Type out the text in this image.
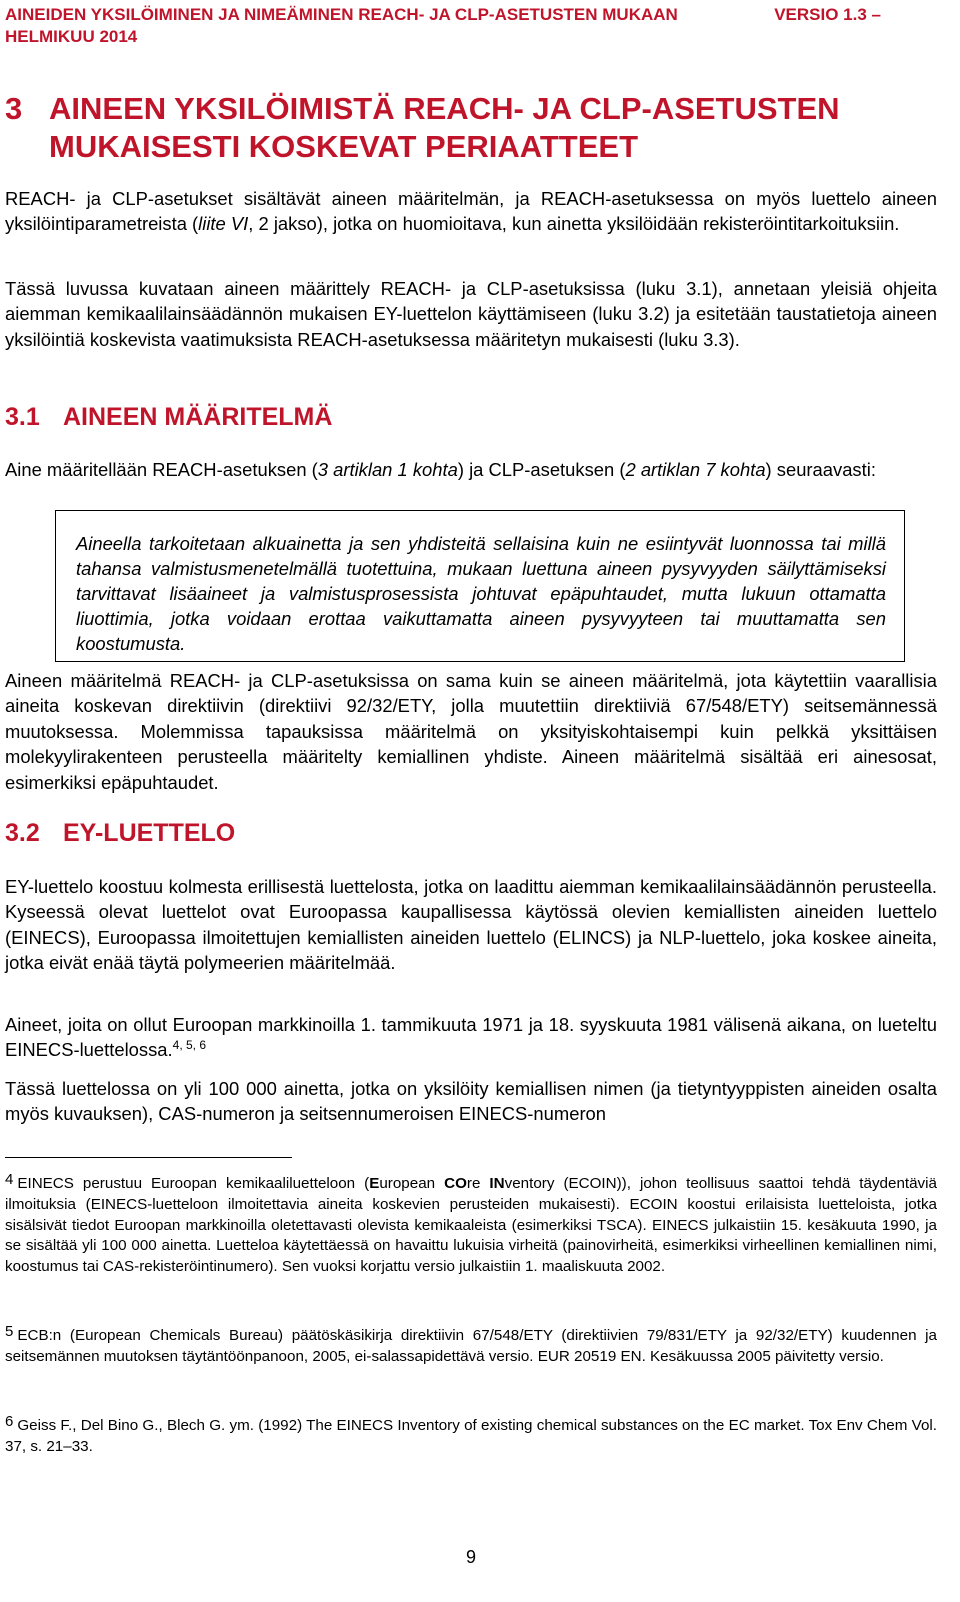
AINEIDEN YKSILÖIMINEN JA NIMEÄMINEN REACH- JA CLP-ASETUSTEN MUKAAN	VERSIO 1.3 –
HELMIKUU 2014
3 AINEEN YKSILÖIMISTÄ REACH- JA CLP-ASETUSTEN MUKAISESTI KOSKEVAT PERIAATTEET
REACH- ja CLP-asetukset sisältävät aineen määritelmän, ja REACH-asetuksessa on myös luettelo aineen yksilöintiparametreista (liite VI, 2 jakso), jotka on huomioitava, kun ainetta yksilöidään rekisteröintitarkoituksiin.
Tässä luvussa kuvataan aineen määrittely REACH- ja CLP-asetuksissa (luku 3.1), annetaan yleisiä ohjeita aiemman kemikaalilainsäädännön mukaisen EY-luettelon käyttämiseen (luku 3.2) ja esitetään taustatietoja aineen yksilöintiä koskevista vaatimuksista REACH-asetuksessa määritetyn mukaisesti (luku 3.3).
3.1 AINEEN MÄÄRITELMÄ
Aine määritellään REACH-asetuksen (3 artiklan 1 kohta) ja CLP-asetuksen (2 artiklan 7 kohta) seuraavasti:
Aineella tarkoitetaan alkuainetta ja sen yhdisteitä sellaisina kuin ne esiintyvät luonnossa tai millä tahansa valmistusmenetelmällä tuotettuina, mukaan luettuna aineen pysyvyyden säilyttämiseksi tarvittavat lisäaineet ja valmistusprosessista johtuvat epäpuhtaudet, mutta lukuun ottamatta liuottimia, jotka voidaan erottaa vaikuttamatta aineen pysyvyyteen tai muuttamatta sen koostumusta.
Aineen määritelmä REACH- ja CLP-asetuksissa on sama kuin se aineen määritelmä, jota käytettiin vaarallisia aineita koskevan direktiivin (direktiivi 92/32/ETY, jolla muutettiin direktiiviä 67/548/ETY) seitsemännessä muutoksessa. Molemmissa tapauksissa määritelmä on yksityiskohtaisempi kuin pelkkä yksittäisen molekyylirakenteen perusteella määritelty kemiallinen yhdiste. Aineen määritelmä sisältää eri ainesosat, esimerkiksi epäpuhtaudet.
3.2 EY-LUETTELO
EY-luettelo koostuu kolmesta erillisestä luettelosta, jotka on laadittu aiemman kemikaalilainsäädännön perusteella. Kyseessä olevat luettelot ovat Euroopassa kaupallisessa käytössä olevien kemiallisten aineiden luettelo (EINECS), Euroopassa ilmoitettujen kemiallisten aineiden luettelo (ELINCS) ja NLP-luettelo, joka koskee aineita, jotka eivät enää täytä polymeerien määritelmää.
Aineet, joita on ollut Euroopan markkinoilla 1. tammikuuta 1971 ja 18. syyskuuta 1981 välisenä aikana, on lueteltu EINECS-luettelossa.$^{4, 5, 6}$
Tässä luettelossa on yli 100 000 ainetta, jotka on yksilöity kemiallisen nimen (ja tietyntyyppisten aineiden osalta myös kuvauksen), CAS-numeron ja seitsennumeroisen EINECS-numeron
4 EINECS perustuu Euroopan kemikaaliluetteloon (European COre INventory (ECOIN)), johon teollisuus saattoi tehdä täydentäviä ilmoituksia (EINECS-luetteloon ilmoitettavia aineita koskevien perusteiden mukaisesti). ECOIN koostui erilaisista luetteloista, jotka sisälsivät tiedot Euroopan markkinoilla oletettavasti olevista kemikaaleista (esimerkiksi TSCA). EINECS julkaistiin 15. kesäkuuta 1990, ja se sisältää yli 100 000 ainetta. Luetteloa käytettäessä on havaittu lukuisia virheitä (painovirheitä, esimerkiksi virheellinen kemiallinen nimi, koostumus tai CAS-rekisteröintinumero). Sen vuoksi korjattu versio julkaistiin 1. maaliskuuta 2002.
5 ECB:n (European Chemicals Bureau) päätöskäsikirja direktiivin 67/548/ETY (direktiivien 79/831/ETY ja 92/32/ETY) kuudennen ja seitsemännen muutoksen täytäntöönpanoon, 2005, ei-salassapidettävä versio. EUR 20519 EN. Kesäkuussa 2005 päivitetty versio.
6 Geiss F., Del Bino G., Blech G. ym. (1992) The EINECS Inventory of existing chemical substances on the EC market. Tox Env Chem Vol. 37, s. 21–33.
9
